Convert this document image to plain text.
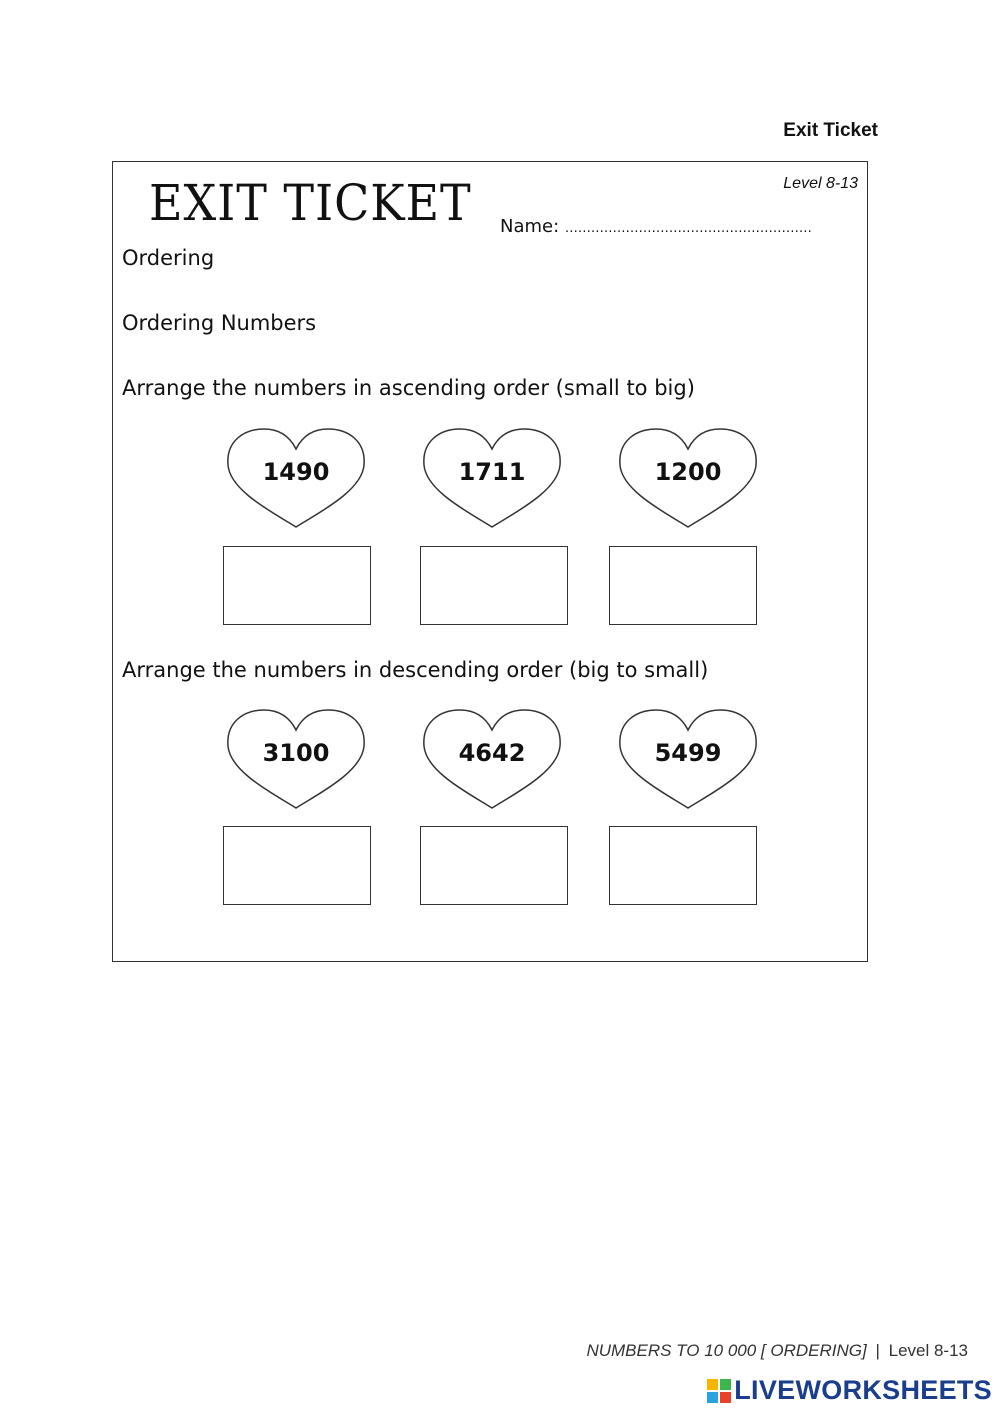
Exit Ticket
EXIT TICKET	Level 8-13
Name: …………………………………………………
Ordering
Ordering Numbers
Arrange the numbers in ascending order (small to big)
1490	1711	1200
Arrange the numbers in descending order (big to small)
3100	4642	5499
NUMBERS TO 10 000 [ ORDERING] | Level 8-13
LIVEWORKSHEETS
